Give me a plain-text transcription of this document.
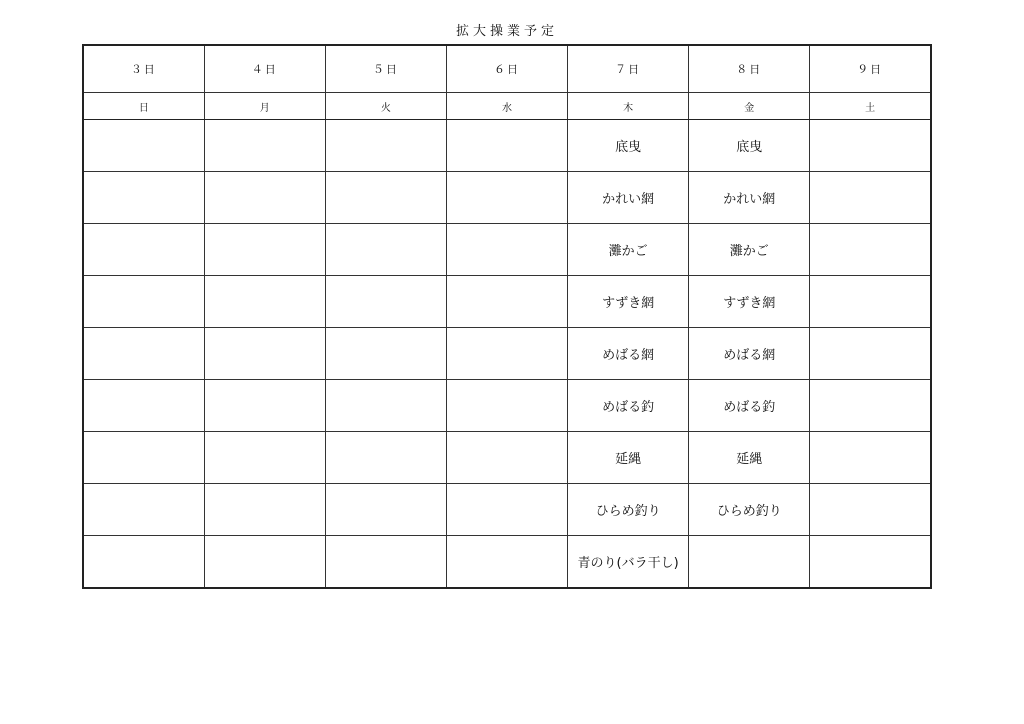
拡大操業予定
３日	４日	５日	６日	７日	８日	９日
日	月	火	水	木	金	土
				底曳	底曳	
				かれい網	かれい網	
				灘かご	灘かご	
				すずき網	すずき網	
				めばる網	めばる網	
				めばる釣	めばる釣	
				延縄	延縄	
				ひらめ釣り	ひらめ釣り	
				青のり(バラ干し)		
